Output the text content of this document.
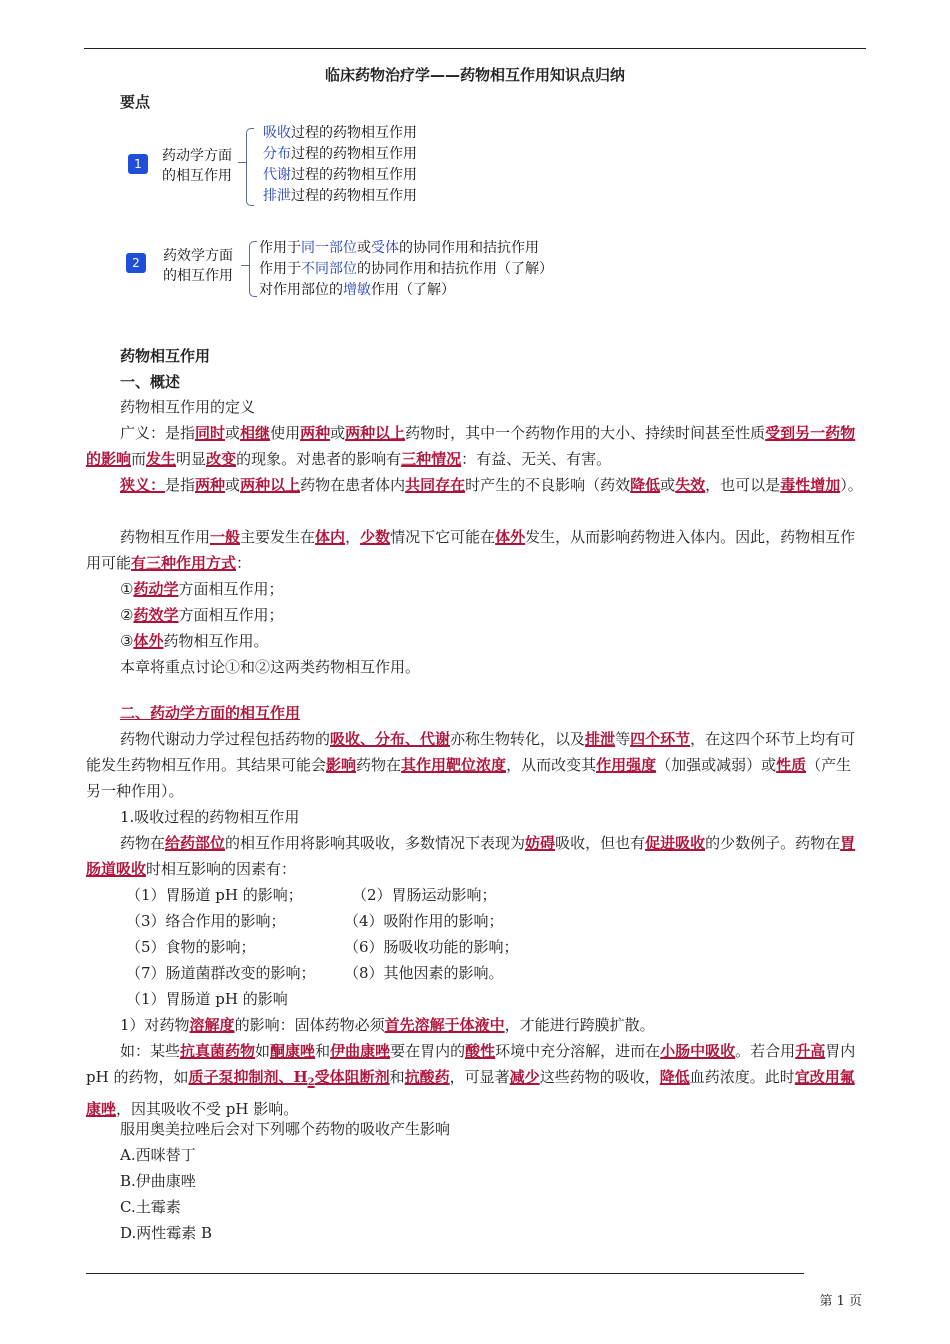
临床药物治疗学——药物相互作用知识点归纳
要点
1	药动学方面
的相互作用
吸收过程的药物相互作用
分布过程的药物相互作用
代谢过程的药物相互作用
排泄过程的药物相互作用
2	药效学方面
的相互作用
作用于同一部位或受体的协同作用和拮抗作用
作用于不同部位的协同作用和拮抗作用（了解）
对作用部位的增敏作用（了解）
药物相互作用
一、概述
药物相互作用的定义
广义：是指同时或相继使用两种或两种以上药物时，其中一个药物作用的大小、持续时间甚至性质受到另一药物的影响而发生明显改变的现象。对患者的影响有三种情况：有益、无关、有害。
狭义：是指两种或两种以上药物在患者体内共同存在时产生的不良影响（药效降低或失效，也可以是毒性增加）。
药物相互作用一般主要发生在体内，少数情况下它可能在体外发生，从而影响药物进入体内。因此，药物相互作用可能有三种作用方式：
①药动学方面相互作用；
②药效学方面相互作用；
③体外药物相互作用。
本章将重点讨论①和②这两类药物相互作用。
二、药动学方面的相互作用
药物代谢动力学过程包括药物的吸收、分布、代谢亦称生物转化，以及排泄等四个环节，在这四个环节上均有可能发生药物相互作用。其结果可能会影响药物在其作用靶位浓度，从而改变其作用强度（加强或减弱）或性质（产生另一种作用）。
1.吸收过程的药物相互作用
药物在给药部位的相互作用将影响其吸收，多数情况下表现为妨碍吸收，但也有促进吸收的少数例子。药物在胃肠道吸收时相互影响的因素有：
（1）胃肠道 pH 的影响；	（2）胃肠运动影响；
（3）络合作用的影响；	（4）吸附作用的影响；
（5）食物的影响；	（6）肠吸收功能的影响；
（7）肠道菌群改变的影响； （8）其他因素的影响。
（1）胃肠道 pH 的影响
1）对药物溶解度的影响：固体药物必须首先溶解于体液中，才能进行跨膜扩散。
如：某些抗真菌药物如酮康唑和伊曲康唑要在胃内的酸性环境中充分溶解，进而在小肠中吸收。若合用升高胃内 pH 的药物，如质子泵抑制剂、$H_2$受体阻断剂和抗酸药，可显著减少这些药物的吸收，降低血药浓度。此时宜改用氟康唑，因其吸收不受 pH 影响。
服用奥美拉唑后会对下列哪个药物的吸收产生影响
A.西咪替丁
B.伊曲康唑
C.土霉素
D.两性霉素 B
第 1 页
